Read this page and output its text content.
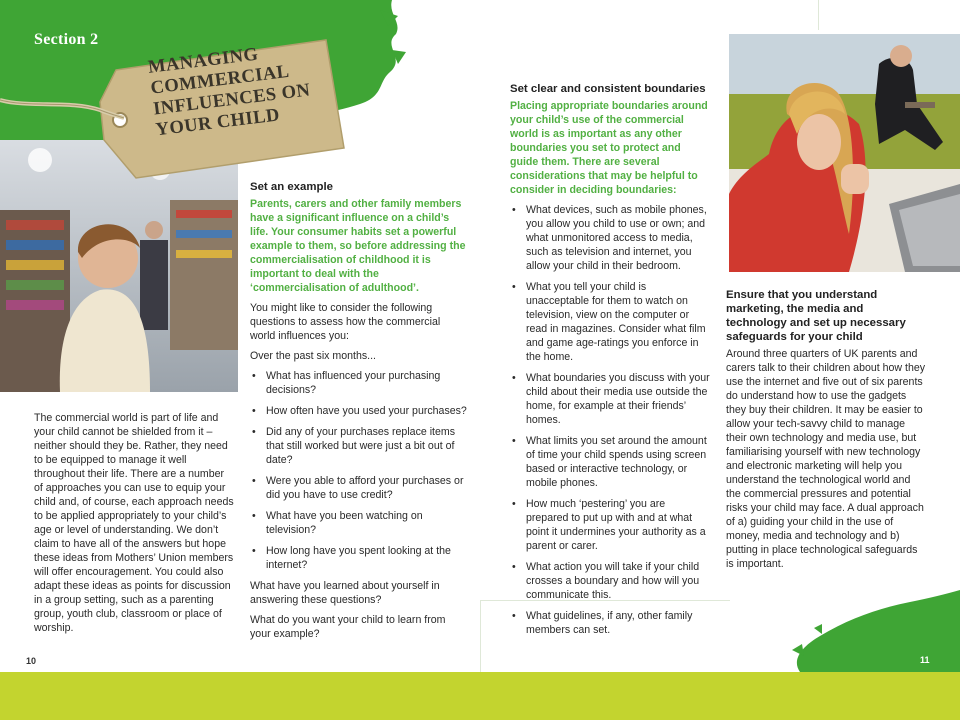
Section 2
MANAGING
COMMERCIAL
INFLUENCES ON
YOUR CHILD

The commercial world is part of life and your child cannot be shielded from it – neither should they be. Rather, they need to be equipped to manage it well throughout their life. There are a number of approaches you can use to equip your child and, of course, each approach needs to be applied appropriately to your child’s age or level of understanding. We don’t claim to have all of the answers but hope these ideas from Mothers’ Union members will offer encouragement. You could also adapt these ideas as points for discussion in a group setting, such as a parenting group, youth club, classroom or place of worship.

10
Set an example

Parents, carers and other family members have a significant influence on a child’s life. Your consumer habits set a powerful example to them, so before addressing the commercialisation of childhood it is important to deal with the ‘commercialisation of adulthood’.

You might like to consider the following questions to assess how the commercial world influences you:

Over the past six months...

• What has influenced your purchasing decisions?
• How often have you used your purchases?
• Did any of your purchases replace items that still worked but were just a bit out of date?
• Were you able to afford your purchases or did you have to use credit?
• What have you been watching on television?
• How long have you spent looking at the internet?

What have you learned about yourself in answering these questions?

What do you want your child to learn from your example?

Set clear and consistent boundaries

Placing appropriate boundaries around your child’s use of the commercial world is as important as any other boundaries you set to protect and guide them. There are several considerations that may be helpful to consider in deciding boundaries:

• What devices, such as mobile phones, you allow you child to use or own; and what unmonitored access to media, such as television and internet, you allow your child in their bedroom.
• What you tell your child is unacceptable for them to watch on television, view on the computer or read in magazines. Consider what film and game age-ratings you enforce in the home.
• What boundaries you discuss with your child about their media use outside the home, for example at their friends’ homes.
• What limits you set around the amount of time your child spends using screen based or interactive technology, or mobile phones.
• How much ‘pestering’ you are prepared to put up with and at what point it undermines your authority as a parent or carer.
• What action you will take if your child crosses a boundary and how will you communicate this.
• What guidelines, if any, other family members can set.
Ensure that you understand marketing, the media and technology and set up necessary safeguards for your child

Around three quarters of UK parents and carers talk to their children about how they use the internet and five out of six parents do understand how to use the gadgets they buy their children. It may be easier to allow your tech-savvy child to manage their own technology and media use, but familiarising yourself with new technology and electronic marketing will help you understand the technological world and the commercial pressures and potential risks your child may face. A dual approach of a) guiding your child in the use of money, media and technology and b) putting in place technological safeguards is important.

11
